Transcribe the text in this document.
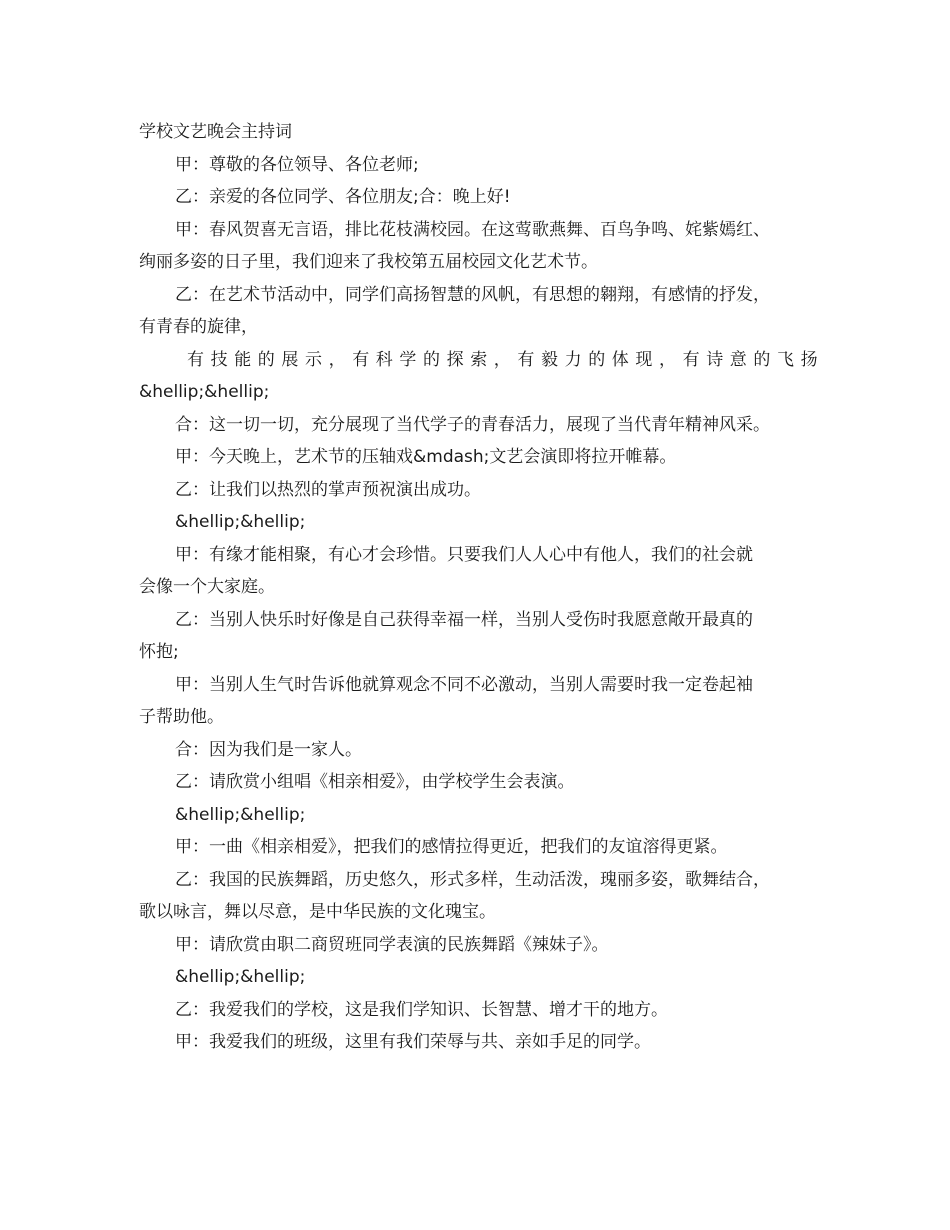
学校文艺晚会主持词
甲：尊敬的各位领导、各位老师;
乙：亲爱的各位同学、各位朋友;合：晚上好!
甲：春风贺喜无言语，排比花枝满校园。在这莺歌燕舞、百鸟争鸣、姹紫嫣红、
绚丽多姿的日子里，我们迎来了我校第五届校园文化艺术节。
乙：在艺术节活动中，同学们高扬智慧的风帆，有思想的翱翔，有感情的抒发，
有青春的旋律，
有技能的展示，有科学的探索，有毅力的体现，有诗意的飞扬
&hellip;&hellip;
合：这一切一切，充分展现了当代学子的青春活力，展现了当代青年精神风采。
甲：今天晚上，艺术节的压轴戏&mdash;文艺会演即将拉开帷幕。
乙：让我们以热烈的掌声预祝演出成功。
&hellip;&hellip;
甲：有缘才能相聚，有心才会珍惜。只要我们人人心中有他人，我们的社会就
会像一个大家庭。
乙：当别人快乐时好像是自己获得幸福一样，当别人受伤时我愿意敞开最真的
怀抱;
甲：当别人生气时告诉他就算观念不同不必激动，当别人需要时我一定卷起袖
子帮助他。
合：因为我们是一家人。
乙：请欣赏小组唱《相亲相爱》，由学校学生会表演。
&hellip;&hellip;
甲：一曲《相亲相爱》，把我们的感情拉得更近，把我们的友谊溶得更紧。
乙：我国的民族舞蹈，历史悠久，形式多样，生动活泼，瑰丽多姿，歌舞结合，
歌以咏言，舞以尽意，是中华民族的文化瑰宝。
甲：请欣赏由职二商贸班同学表演的民族舞蹈《辣妹子》。
&hellip;&hellip;
乙：我爱我们的学校，这是我们学知识、长智慧、增才干的地方。
甲：我爱我们的班级，这里有我们荣辱与共、亲如手足的同学。
